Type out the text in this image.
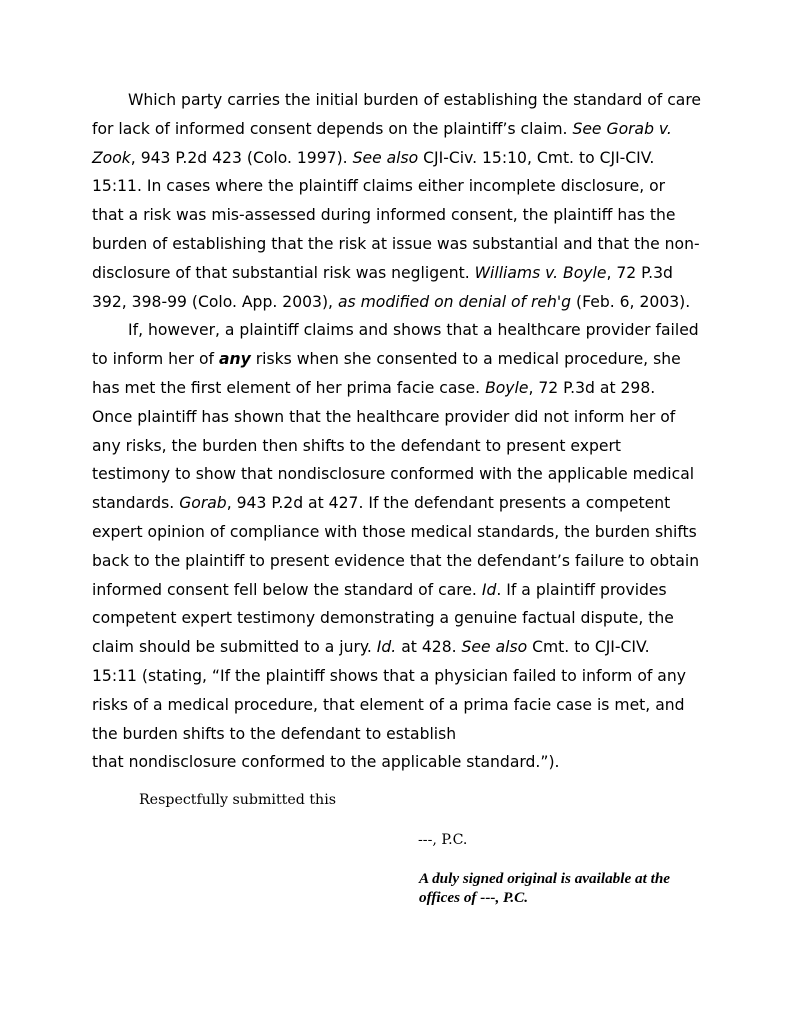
Which party carries the initial burden of establishing the standard of care
for lack of informed consent depends on the plaintiff’s claim. See Gorab v.
Zook, 943 P.2d 423 (Colo. 1997). See also CJI-Civ. 15:10, Cmt. to CJI-CIV.
15:11. In cases where the plaintiff claims either incomplete disclosure, or
that a risk was mis-assessed during informed consent, the plaintiff has the
burden of establishing that the risk at issue was substantial and that the non-
disclosure of that substantial risk was negligent. Williams v. Boyle, 72 P.3d
392, 398-99 (Colo. App. 2003), as modified on denial of reh'g (Feb. 6, 2003).
If, however, a plaintiff claims and shows that a healthcare provider failed
to inform her of any risks when she consented to a medical procedure, she
has met the first element of her prima facie case. Boyle, 72 P.3d at 298.
Once plaintiff has shown that the healthcare provider did not inform her of
any risks, the burden then shifts to the defendant to present expert
testimony to show that nondisclosure conformed with the applicable medical
standards. Gorab, 943 P.2d at 427. If the defendant presents a competent
expert opinion of compliance with those medical standards, the burden shifts
back to the plaintiff to present evidence that the defendant’s failure to obtain
informed consent fell below the standard of care. Id. If a plaintiff provides
competent expert testimony demonstrating a genuine factual dispute, the
claim should be submitted to a jury. Id. at 428. See also Cmt. to CJI-CIV.
15:11 (stating, “If the plaintiff shows that a physician failed to inform of any
risks of a medical procedure, that element of a prima facie case is met, and
the burden shifts to the defendant to establish
that nondisclosure conformed to the applicable standard.”).
Respectfully submitted this
---, P.C.
A duly signed original is available at the
offices of ---, P.C.
